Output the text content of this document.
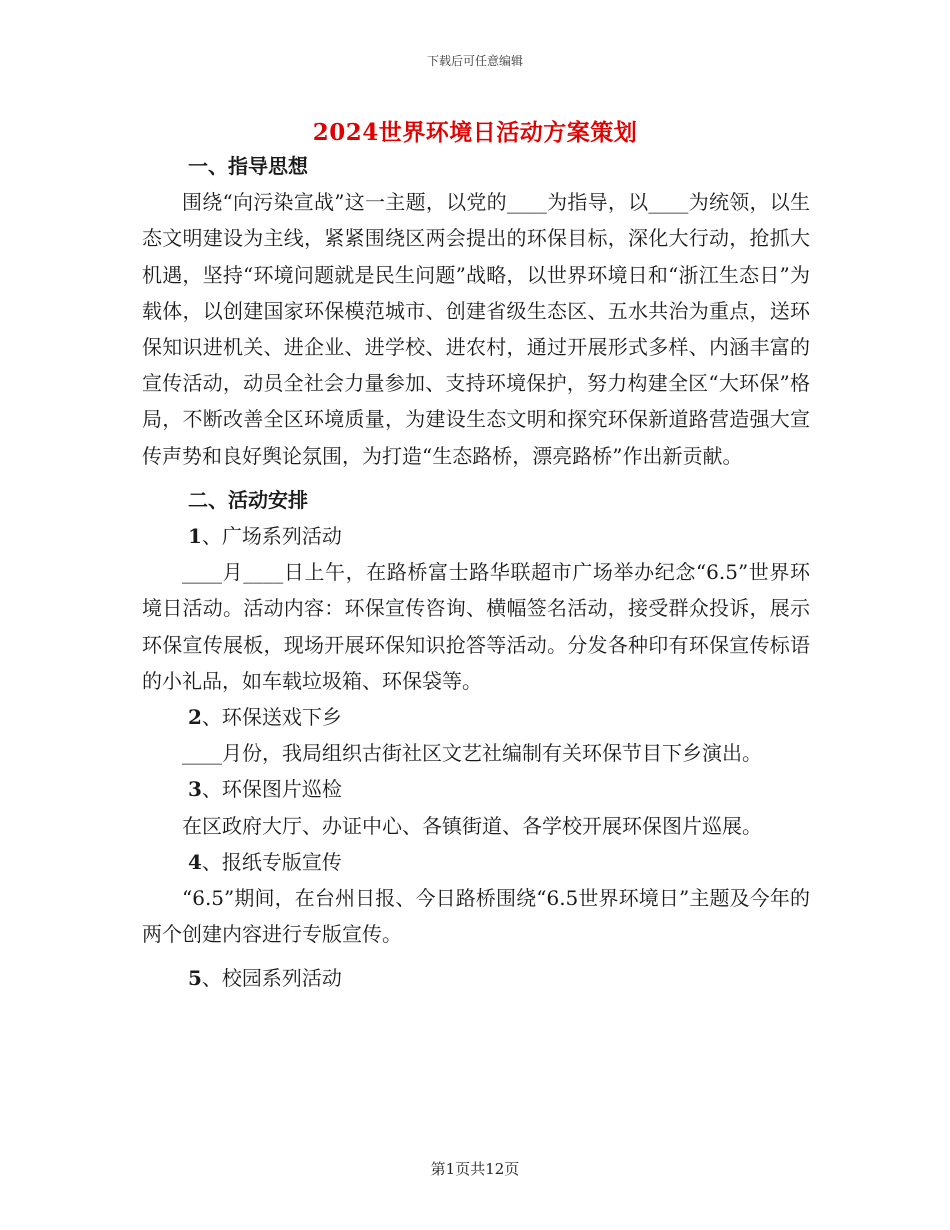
下载后可任意编辑
2024世界环境日活动方案策划

一、指导思想

围绕“向污染宣战”这一主题，以党的____为指导，以____为统领，以生态文明建设为主线，紧紧围绕区两会提出的环保目标，深化大行动，抢抓大机遇，坚持“环境问题就是民生问题”战略，以世界环境日和“浙江生态日”为载体，以创建国家环保模范城市、创建省级生态区、五水共治为重点，送环保知识进机关、进企业、进学校、进农村，通过开展形式多样、内涵丰富的宣传活动，动员全社会力量参加、支持环境保护，努力构建全区“大环保”格局，不断改善全区环境质量，为建设生态文明和探究环保新道路营造强大宣传声势和良好舆论氛围，为打造“生态路桥，漂亮路桥”作出新贡献。

二、活动安排

1、广场系列活动

____月____日上午，在路桥富士路华联超市广场举办纪念“6.5”世界环境日活动。活动内容：环保宣传咨询、横幅签名活动，接受群众投诉，展示环保宣传展板，现场开展环保知识抢答等活动。分发各种印有环保宣传标语的小礼品，如车载垃圾箱、环保袋等。

2、环保送戏下乡

____月份，我局组织古街社区文艺社编制有关环保节目下乡演出。

3、环保图片巡检

在区政府大厅、办证中心、各镇街道、各学校开展环保图片巡展。

4、报纸专版宣传

“6.5”期间，在台州日报、今日路桥围绕“6.5世界环境日”主题及今年的两个创建内容进行专版宣传。

5、校园系列活动

第1页共12页
